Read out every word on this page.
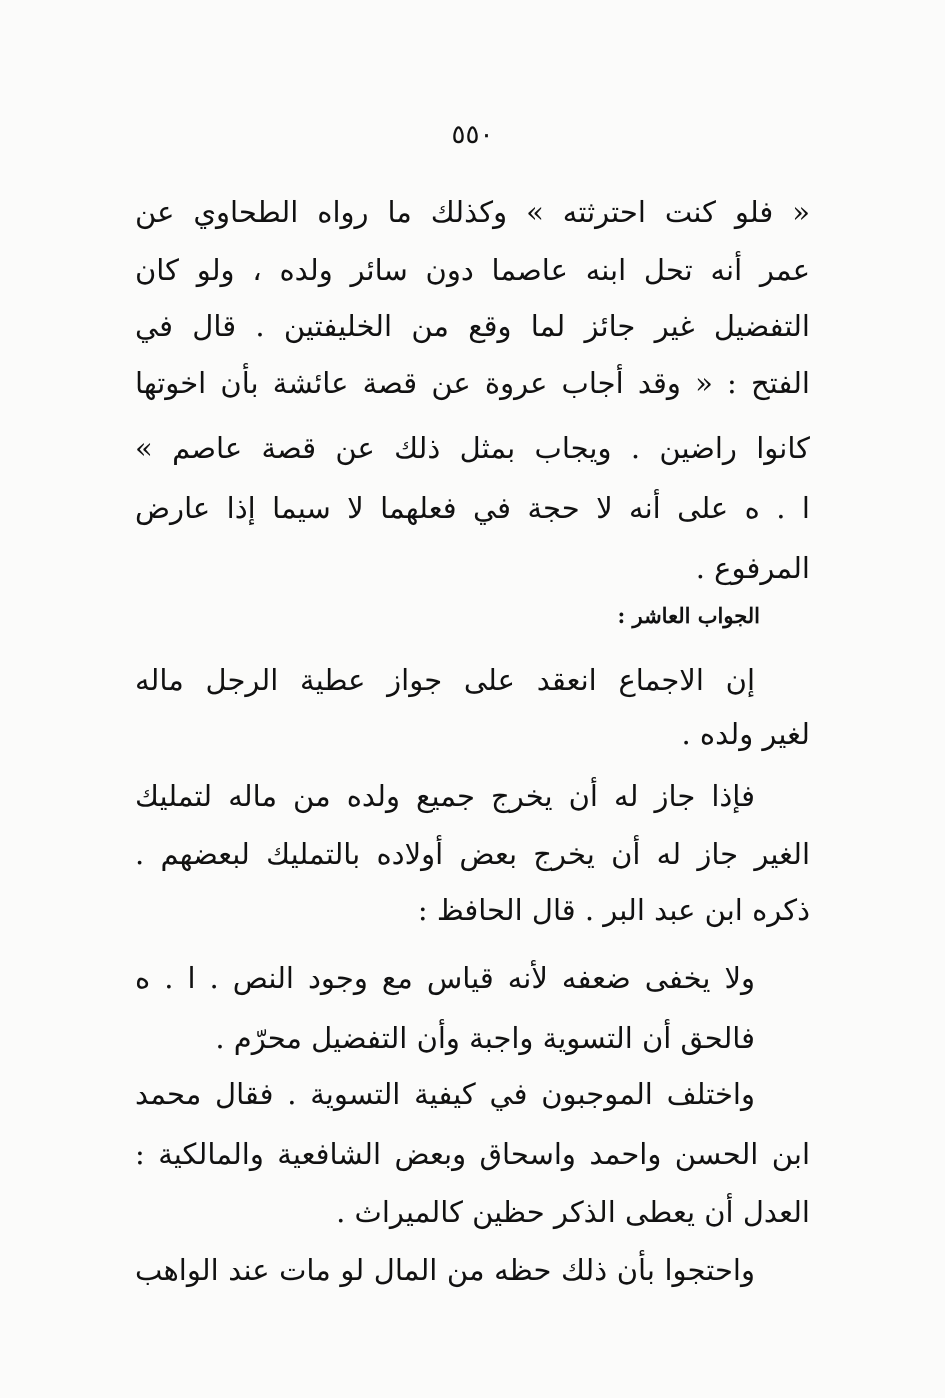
٥٥٠
« فلو كنت احترثته » وكذلك ما رواه الطحاوي عن
عمر أنه تحل ابنه عاصما دون سائر ولده ، ولو كان
التفضيل غير جائز لما وقع من الخليفتين . قال في
الفتح : « وقد أجاب عروة عن قصة عائشة بأن اخوتها
كانوا راضين . ويجاب بمثل ذلك عن قصة عاصم »
ا . ه على أنه لا حجة في فعلهما لا سيما إذا عارض
المرفوع .
إن الاجماع انعقد على جواز عطية الرجل ماله
لغير ولده .
فإذا جاز له أن يخرج جميع ولده من ماله لتمليك
الغير جاز له أن يخرج بعض أولاده بالتمليك لبعضهم .
ذكره ابن عبد البر . قال الحافظ :
ولا يخفى ضعفه لأنه قياس مع وجود النص . ا . ه
فالحق أن التسوية واجبة وأن التفضيل محرّم .
واختلف الموجبون في كيفية التسوية . فقال محمد
ابن الحسن واحمد واسحاق وبعض الشافعية والمالكية :
العدل أن يعطى الذكر حظين كالميراث .
واحتجوا بأن ذلك حظه من المال لو مات عند الواهب
الجواب العاشر :
